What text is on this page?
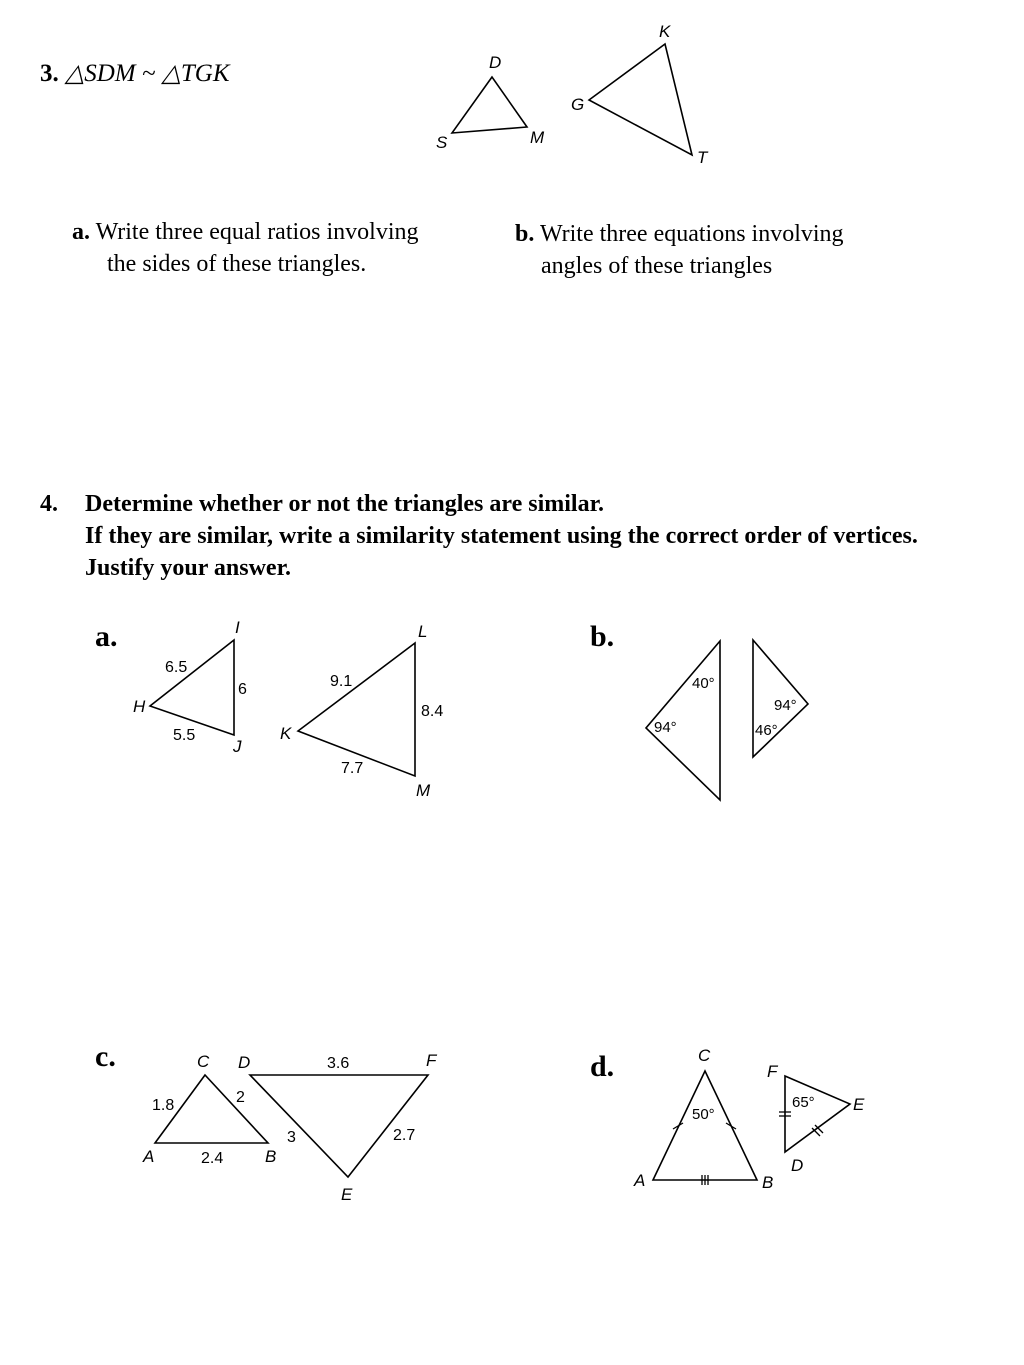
3. △SDM ~ △TGK	D
S	M
K
G
T
a. Write three equal ratios involving
the sides of these triangles.
b. Write three equations involving
angles of these triangles
4. Determine whether or not the triangles are similar.
If they are similar, write a similarity statement using the correct order of vertices.
Justify your answer.
a.	b.
c.	d.
I
H
J
6.5
6
5.5
L
K
M
9.1
8.4
7.7
40°
94°
94°
46°
C
A	B
1.8	2
2.4
D	F
E
3.6
3	2.7
C
A	B
50°
F
E
D
65°
